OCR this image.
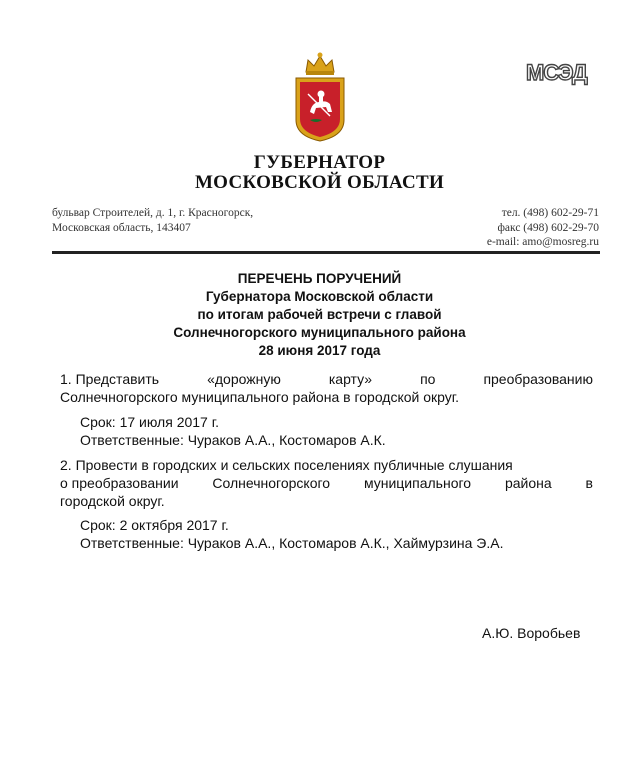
МСЭД
ГУБЕРНАТОР
МОСКОВСКОЙ ОБЛАСТИ
бульвар Строителей, д. 1, г. Красногорск,
Московская область, 143407
тел. (498) 602-29-71
факс (498) 602-29-70
e-mail: amo@mosreg.ru
ПЕРЕЧЕНЬ ПОРУЧЕНИЙ
Губернатора Московской области
по итогам рабочей встречи с главой
Солнечногорского муниципального района
28 июня 2017 года
1. Представить	«дорожную	карту»	по	преобразованию
Солнечногорского муниципального района в городской округ.
Срок: 17 июля 2017 г.
Ответственные: Чураков А.А., Костомаров А.К.
2. Провести в городских и сельских поселениях публичные слушания
о преобразовании Солнечногорского муниципального района в
городской округ.
Срок: 2 октября 2017 г.
Ответственные: Чураков А.А., Костомаров А.К., Хаймурзина Э.А.
А.Ю. Воробьев
